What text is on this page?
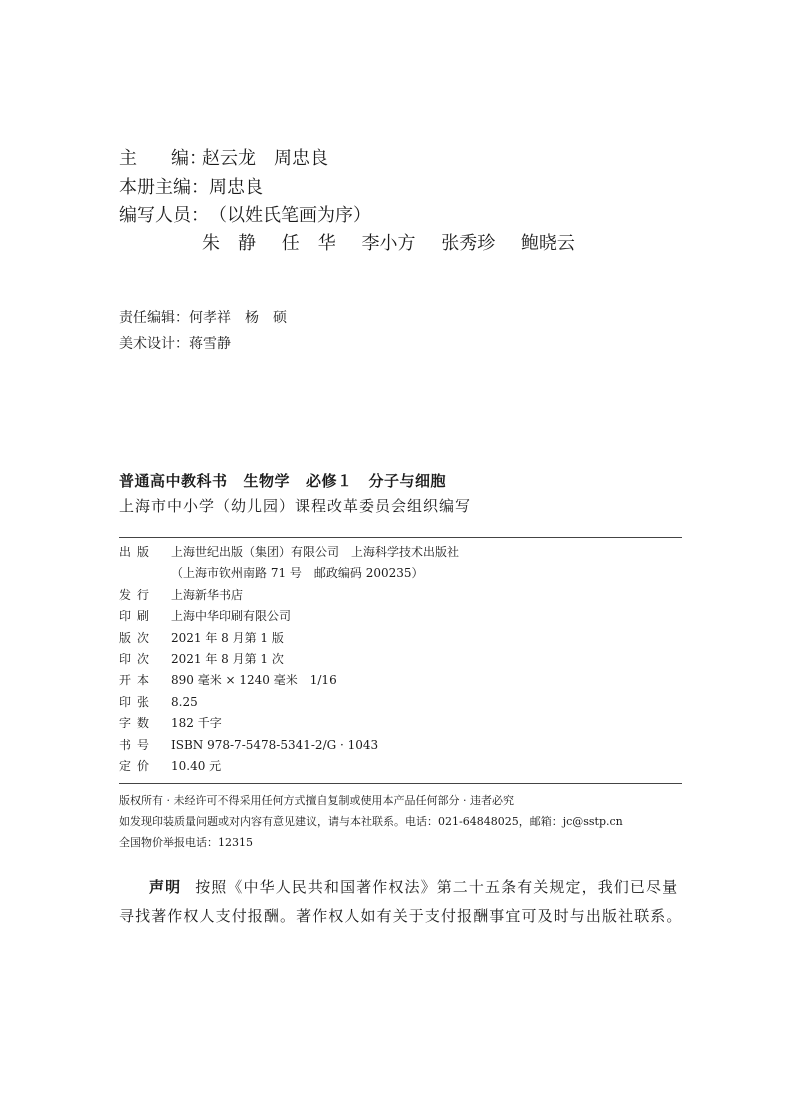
主 编：赵云龙　周忠良
本册主编：周忠良
编写人员：（以姓氏笔画为序）
朱　静 任　华 李小方 张秀珍 鲍晓云
责任编辑：何孝祥　杨　硕
美术设计：蒋雪静
普通高中教科书 生物学 必修１ 分子与细胞
上海市中小学（幼儿园）课程改革委员会组织编写
出版 上海世纪出版（集团）有限公司　上海科学技术出版社
（上海市钦州南路 71 号　邮政编码 200235）
发行 上海新华书店
印刷 上海中华印刷有限公司
版次 2021 年 8 月第 1 版
印次 2021 年 8 月第 1 次
开本 890 毫米 × 1240 毫米　1/16
印张 8.25
字数 182 千字
书号 ISBN 978-7-5478-5341-2/G · 1043
定价 10.40 元
版权所有 · 未经许可不得采用任何方式擅自复制或使用本产品任何部分 · 违者必究
如发现印装质量问题或对内容有意见建议，请与本社联系。电话：021-64848025，邮箱：jc@sstp.cn
全国物价举报电话：12315
声明 按照《中华人民共和国著作权法》第二十五条有关规定，我们已尽量寻找著作权人支付报酬。著作权人如有关于支付报酬事宜可及时与出版社联系。
